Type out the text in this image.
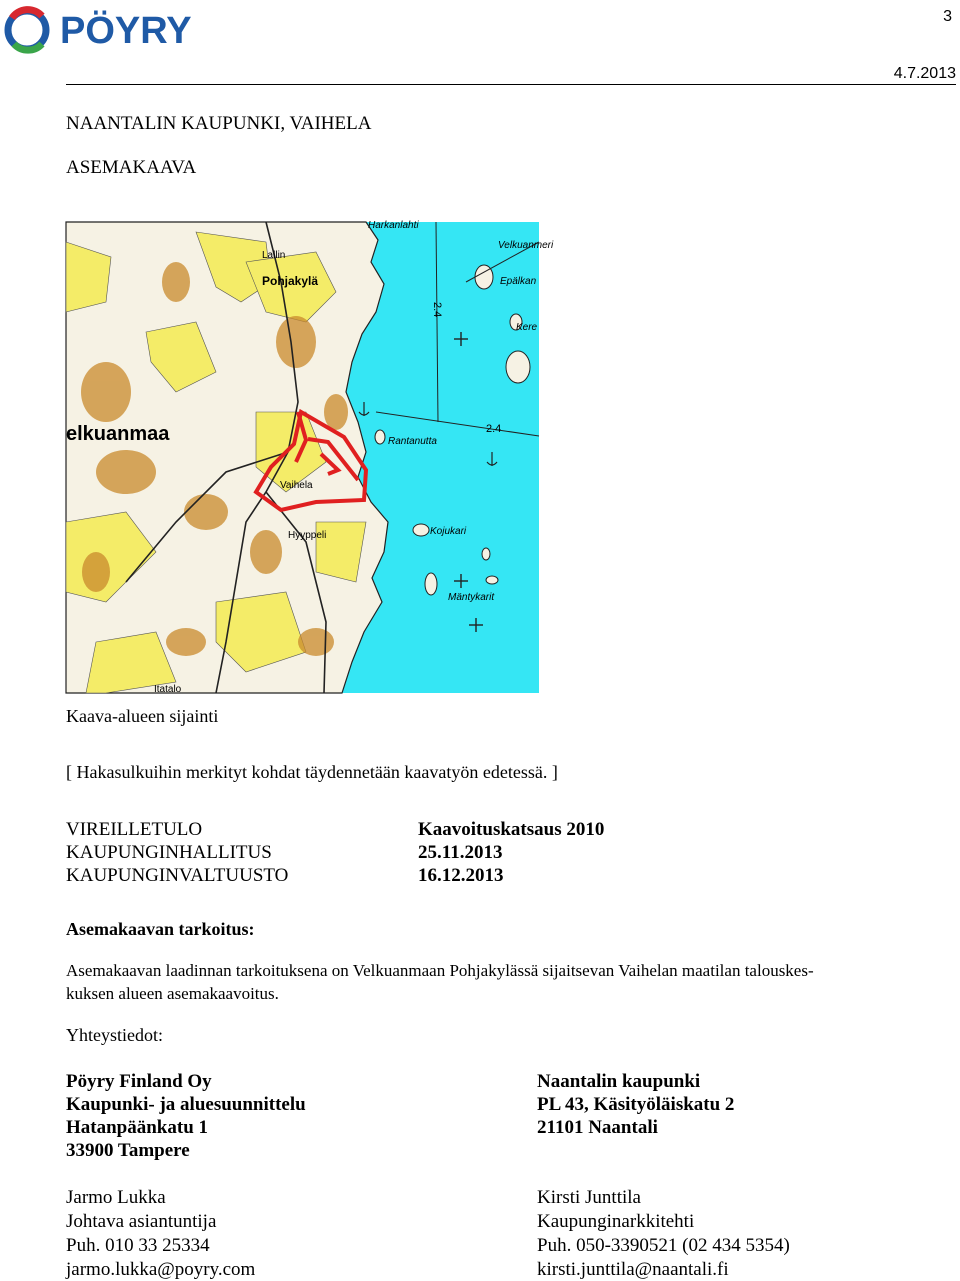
PÖYRY	3
4.7.2013
NAANTALIN KAUPUNKI, VAIHELA
ASEMAKAAVA
2.4
2.4
Pohjakylä
Lallin
elkuanmaa
Vaihela
Hyyppeli
Itatalo
Rantanutta
Kojukari
Mäntykarit
Epälkan
Kere
Velkuanmeri
Harkanlahti
Kaava-alueen sijainti
[ Hakasulkuihin merkityt kohdat täydennetään kaavatyön edetessä. ]
VIREILLETULO	Kaavoituskatsaus 2010
KAUPUNGINHALLITUS	25.11.2013
KAUPUNGINVALTUUSTO	16.12.2013
Asemakaavan tarkoitus:
Asemakaavan laadinnan tarkoituksena on Velkuanmaan Pohjakylässä sijaitsevan Vaihelan maatilan talouskes-
kuksen alueen asemakaavoitus.
Yhteystiedot:
Pöyry Finland Oy
Kaupunki- ja aluesuunnittelu
Hatanpäänkatu 1
33900 Tampere
Naantalin kaupunki
PL 43, Käsityöläiskatu 2
21101 Naantali
Jarmo Lukka
Johtava asiantuntija
Puh. 010 33 25334
jarmo.lukka@poyry.com
Kirsti Junttila
Kaupunginarkkitehti
Puh. 050-3390521 (02 434 5354)
kirsti.junttila@naantali.fi
